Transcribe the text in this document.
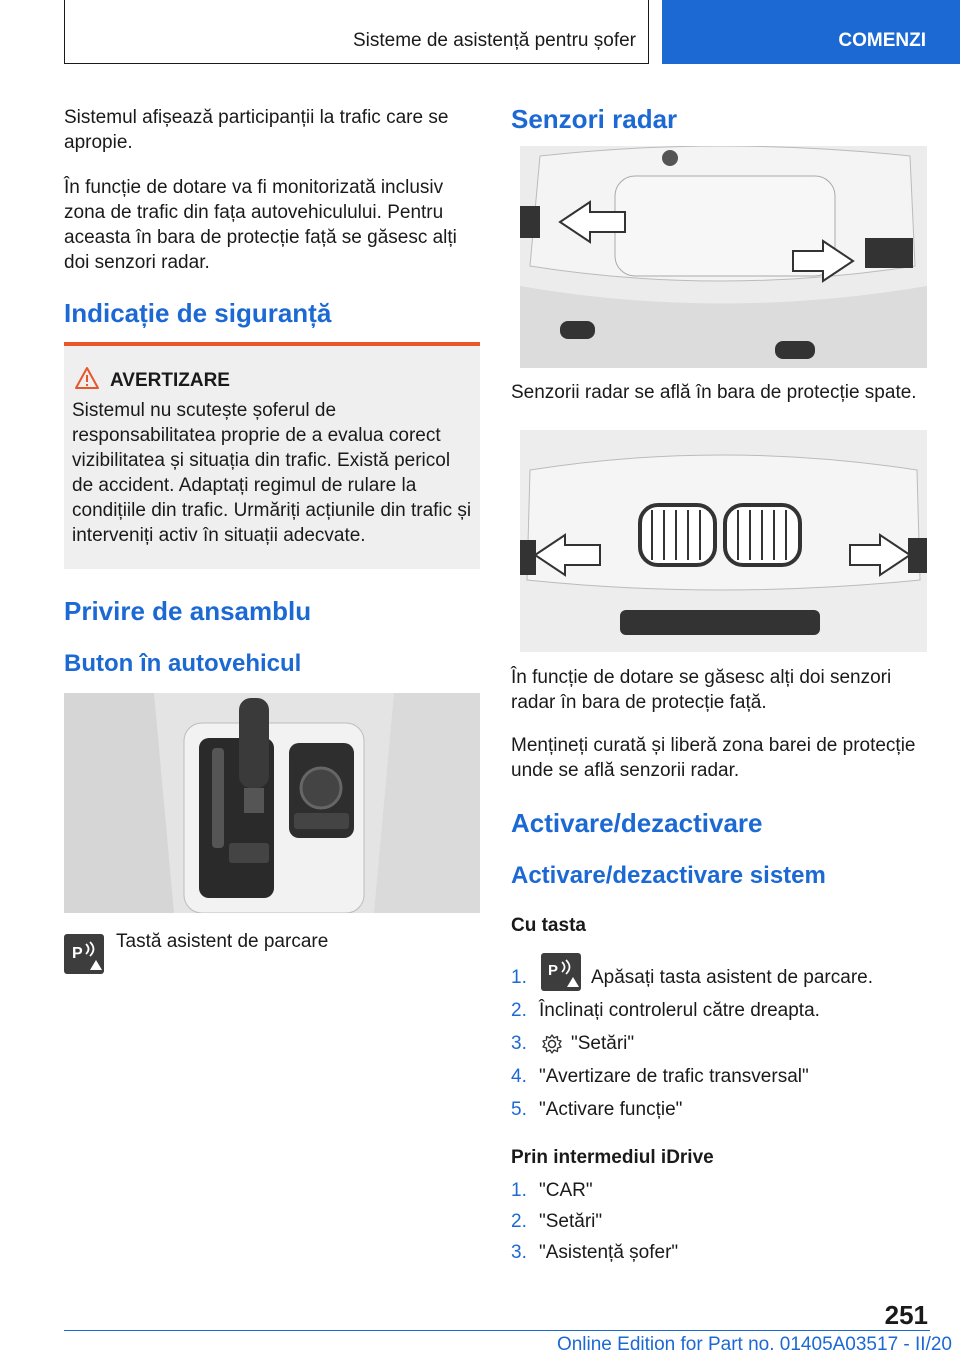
Sisteme de asistență pentru șofer	COMENZI

Sistemul afișează participanții la trafic care se apropie.

În funcție de dotare va fi monitorizată inclusiv zona de trafic din fața autovehiculului. Pentru aceasta în bara de protecție față se găsesc alți doi senzori radar.

Indicație de siguranță
AVERTIZARE
Sistemul nu scutește șoferul de responsabilitatea proprie de a evalua corect vizibilitatea și situația din trafic. Există pericol de accident. Adaptați regimul de rulare la condițiile din trafic. Urmăriți acțiunile din trafic și interveniți activ în situații adecvate.
Privire de ansamblu
Buton în autovehicul
P
Tastă asistent de parcare
Senzori radar

Senzorii radar se află în bara de protecție spate.

În funcție de dotare se găsesc alți doi senzori radar în bara de protecție față.

Mențineți curată și liberă zona barei de protecție unde se află senzorii radar.

Activare/dezactivare
Activare/dezactivare sistem
Cu tasta
1. P Apăsați tasta asistent de parcare.
2. Înclinați controlerul către dreapta.
3. "Setări"
4. "Avertizare de trafic transversal"
5. "Activare funcție"
Prin intermediul iDrive
1. "CAR"
2. "Setări"
3. "Asistență șofer"
251
Online Edition for Part no. 01405A03517 - II/20
